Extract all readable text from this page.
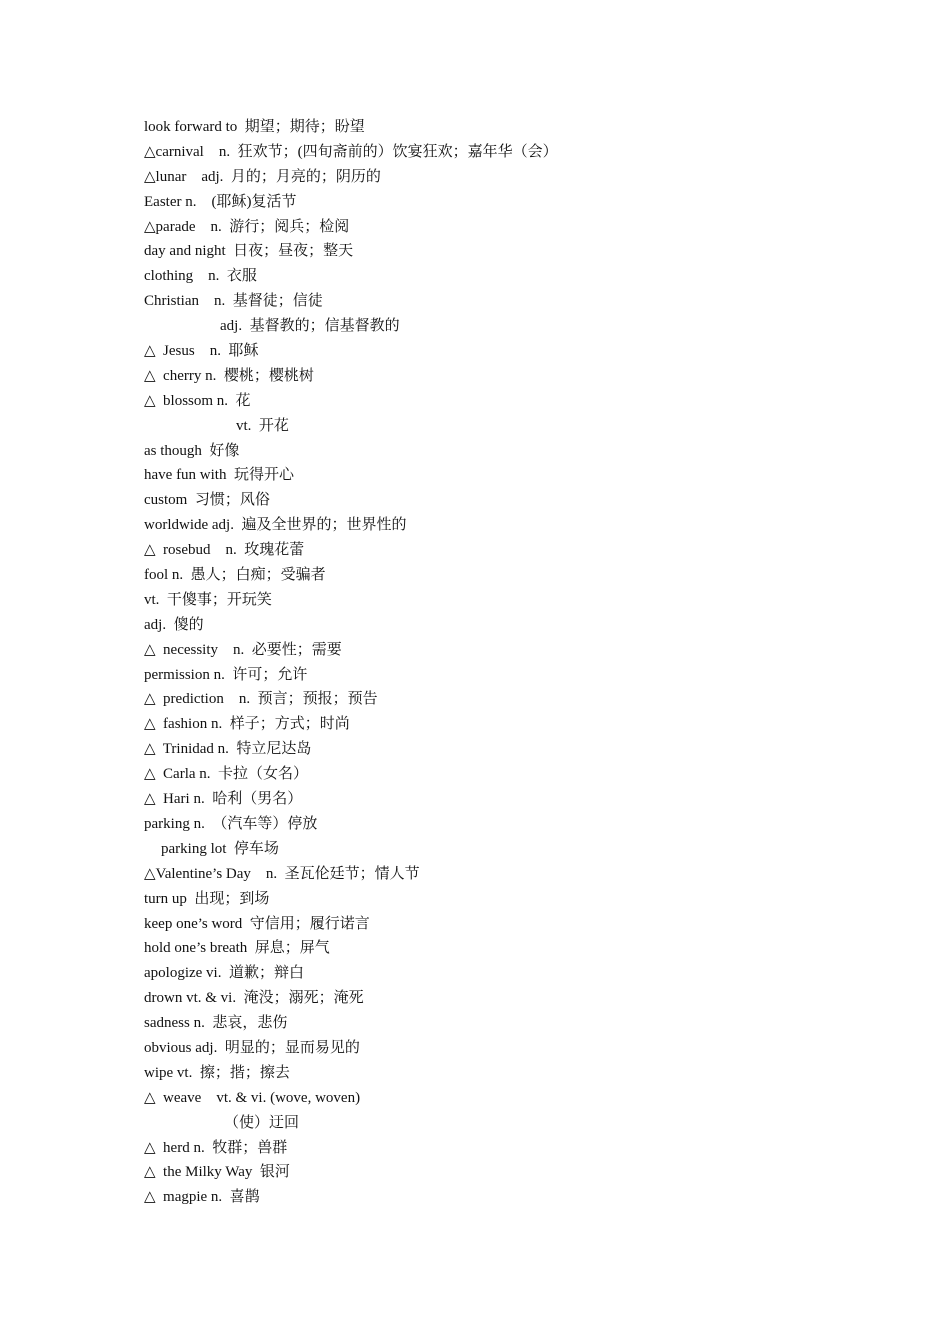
look forward to  期望；期待；盼望
△carnival    n.  狂欢节；(四旬斋前的）饮宴狂欢；嘉年华（会）
△lunar    adj.  月的；月亮的；阴历的
Easter n.    (耶稣)复活节
△parade    n.  游行；阅兵；检阅
day and night  日夜；昼夜；整天
clothing    n.  衣服
Christian    n.  基督徒；信徒
adj.  基督教的；信基督教的
△  Jesus    n.  耶稣
△  cherry n.  樱桃；樱桃树
△  blossom n.  花
vt.  开花
as though  好像
have fun with  玩得开心
custom  习惯；风俗
worldwide adj.  遍及全世界的；世界性的
△  rosebud    n.  玫瑰花蕾
fool n.  愚人；白痴；受骗者
vt.  干傻事；开玩笑
adj.  傻的
△  necessity    n.  必要性；需要
permission n.  许可；允许
△  prediction    n.  预言；预报；预告
△  fashion n.  样子；方式；时尚
△  Trinidad n.  特立尼达岛
△  Carla n.  卡拉（女名）
△  Hari n.  哈利（男名）
parking n.  （汽车等）停放
parking lot  停车场
△Valentine’s Day    n.  圣瓦伦廷节；情人节
turn up  出现；到场
keep one’s word  守信用；履行诺言
hold one’s breath  屏息；屏气
apologize vi.  道歉；辩白
drown vt. & vi.  淹没；溺死；淹死
sadness n.  悲哀，悲伤
obvious adj.  明显的；显而易见的
wipe vt.  擦；揩；擦去
△  weave    vt. & vi. (wove, woven)
（使）迂回
△  herd n.  牧群；兽群
△  the Milky Way  银河
△  magpie n.  喜鹊
